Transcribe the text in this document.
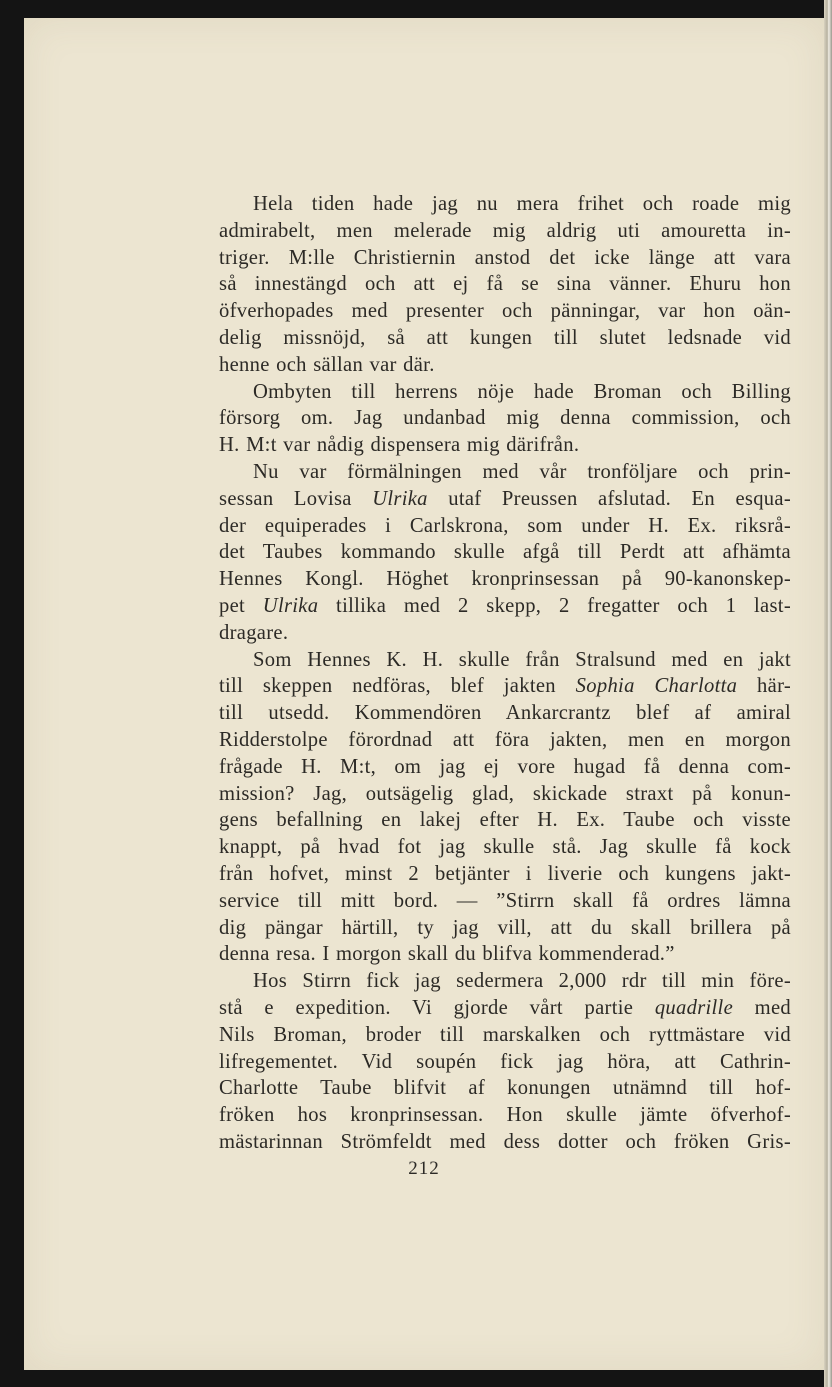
Hela tiden hade jag nu mera frihet och roade mig
admirabelt, men melerade mig aldrig uti amouretta in-
triger. M:lle Christiernin anstod det icke länge att vara
så innestängd och att ej få se sina vänner. Ehuru hon
öfverhopades med presenter och pänningar, var hon oän-
delig missnöjd, så att kungen till slutet ledsnade vid
henne och sällan var där.
Ombyten till herrens nöje hade Broman och Billing
försorg om. Jag undanbad mig denna commission, och
H. M:t var nådig dispensera mig därifrån.
Nu var förmälningen med vår tronföljare och prin-
sessan Lovisa Ulrika utaf Preussen afslutad. En esqua-
der equiperades i Carlskrona, som under H. Ex. riksrå-
det Taubes kommando skulle afgå till Perdt att afhämta
Hennes Kongl. Höghet kronprinsessan på 90-kanonskep-
pet Ulrika tillika med 2 skepp, 2 fregatter och 1 last-
dragare.
Som Hennes K. H. skulle från Stralsund med en jakt
till skeppen nedföras, blef jakten Sophia Charlotta här-
till utsedd. Kommendören Ankarcrantz blef af amiral
Ridderstolpe förordnad att föra jakten, men en morgon
frågade H. M:t, om jag ej vore hugad få denna com-
mission? Jag, outsägelig glad, skickade straxt på konun-
gens befallning en lakej efter H. Ex. Taube och visste
knappt, på hvad fot jag skulle stå. Jag skulle få kock
från hofvet, minst 2 betjänter i liverie och kungens jakt-
service till mitt bord. — ”Stirrn skall få ordres lämna
dig pängar härtill, ty jag vill, att du skall brillera på
denna resa. I morgon skall du blifva kommenderad.”
Hos Stirrn fick jag sedermera 2,000 rdr till min före-
stå e expedition. Vi gjorde vårt partie quadrille med
Nils Broman, broder till marskalken och ryttmästare vid
lifregementet. Vid soupén fick jag höra, att Cathrin-
Charlotte Taube blifvit af konungen utnämnd till hof-
fröken hos kronprinsessan. Hon skulle jämte öfverhof-
mästarinnan Strömfeldt med dess dotter och fröken Gris-
212
